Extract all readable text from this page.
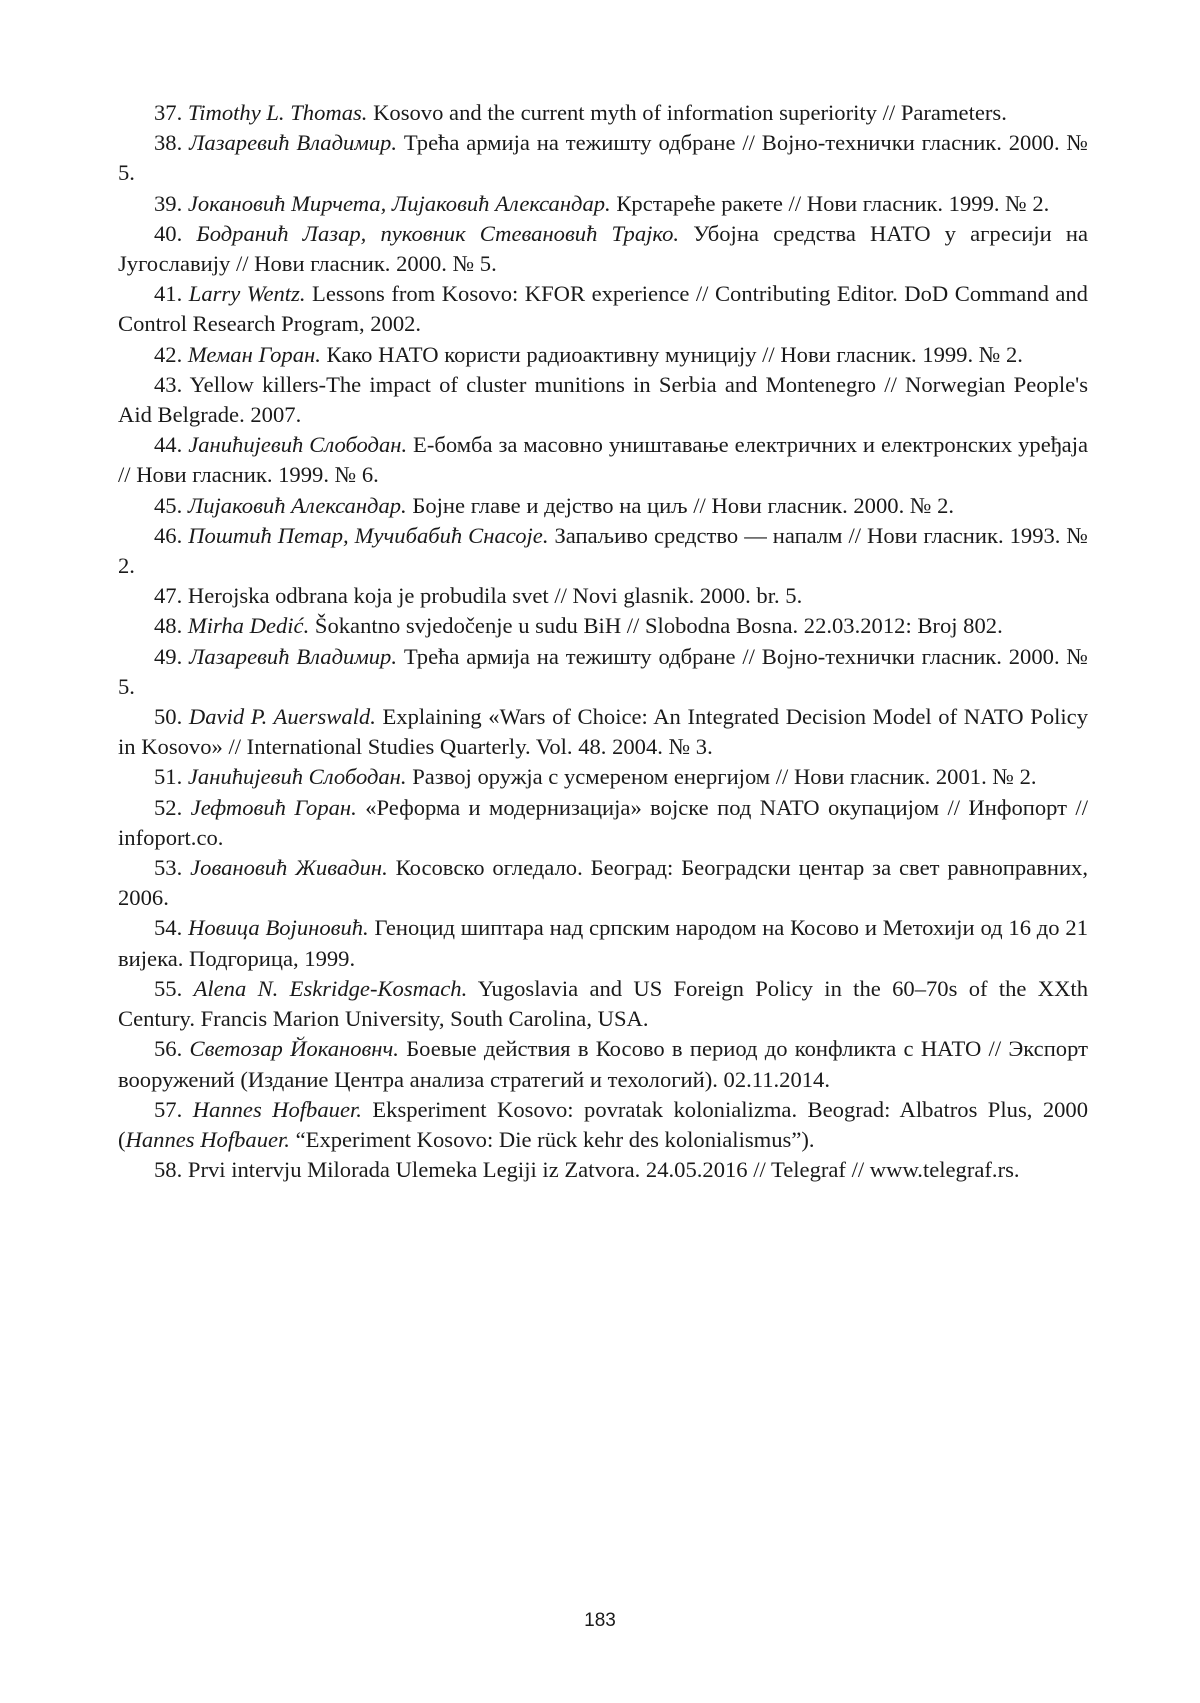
37. Timothy L. Thomas. Kosovo and the current myth of information superiority // Parameters.

38. Лазаревић Владимир. Трећа армија на тежишту одбране // Војно-технички гласник. 2000. № 5.

39. Јокановић Мирчета, Лијаковић Александар. Крстареће ракете // Нови гласник. 1999. № 2.

40. Бодранић Лазар, пуковник Стевановић Трајко. Убојна средства НАТО у агресији на Југославију // Нови гласник. 2000. № 5.

41. Larry Wentz. Lessons from Kosovo: KFOR experience // Contributing Editor. DoD Command and Control Research Program, 2002.

42. Меман Горан. Како НАТО користи радиоактивну муницију // Нови гласник. 1999. № 2.

43. Yellow killers-The impact of cluster munitions in Serbia and Montenegro // Norwegian People's Aid Belgrade. 2007.

44. Јанићијевић Слободан. Е-бомба за масовно уништавање електричних и електронских уређаја // Нови гласник. 1999. № 6.

45. Лијаковић Александар. Бојне главе и дејство на циљ // Нови гласник. 2000. № 2.

46. Поштић Петар, Мучибабић Снасоје. Запаљиво средство — напалм // Нови гласник. 1993. № 2.

47. Herojska odbrana koja je probudila svet // Novi glasnik. 2000. br. 5.

48. Mirha Dedić. Šokantno svjedočenje u sudu BiH // Slobodna Bosna. 22.03.2012: Broj 802.

49. Лазаревић Владимир. Трећа армија на тежишту одбране // Војно-технички гласник. 2000. № 5.

50. David P. Auerswald. Explaining «Wars of Choice: An Integrated Decision Model of NATO Policy in Kosovo» // International Studies Quarterly. Vol. 48. 2004. № 3.

51. Јанићијевић Слободан. Развој оружја с усмереном енергијом // Нови гласник. 2001. № 2.

52. Јефтовић Горан. «Реформа и модернизација» војске под NATO окупацијом // Инфопорт // infoport.co.

53. Јовановић Живадин. Косовско огледало. Београд: Београдски центар за свет равноправних, 2006.

54. Новица Војиновић. Геноцид шиптара над српским народом на Косово и Метохији од 16 до 21 вијека. Подгорица, 1999.

55. Alena N. Eskridge-Kosmach. Yugoslavia and US Foreign Policy in the 60–70s of the XXth Century. Francis Marion University, South Carolina, USA.

56. Светозар Йокановнч. Боевые действия в Косово в период до конфликта с НАТО // Экспорт вооружений (Издание Центра анализа стратегий и техологий). 02.11.2014.

57. Hannes Hofbauer. Eksperiment Kosovo: povratak kolonializma. Beograd: Albatros Plus, 2000 (Hannes Hofbauer. “Experiment Kosovo: Die rück kehr des kolonialismus”).

58. Prvi intervju Milorada Ulemeka Legiji iz Zatvora. 24.05.2016 // Telegraf // www.telegraf.rs.

183
